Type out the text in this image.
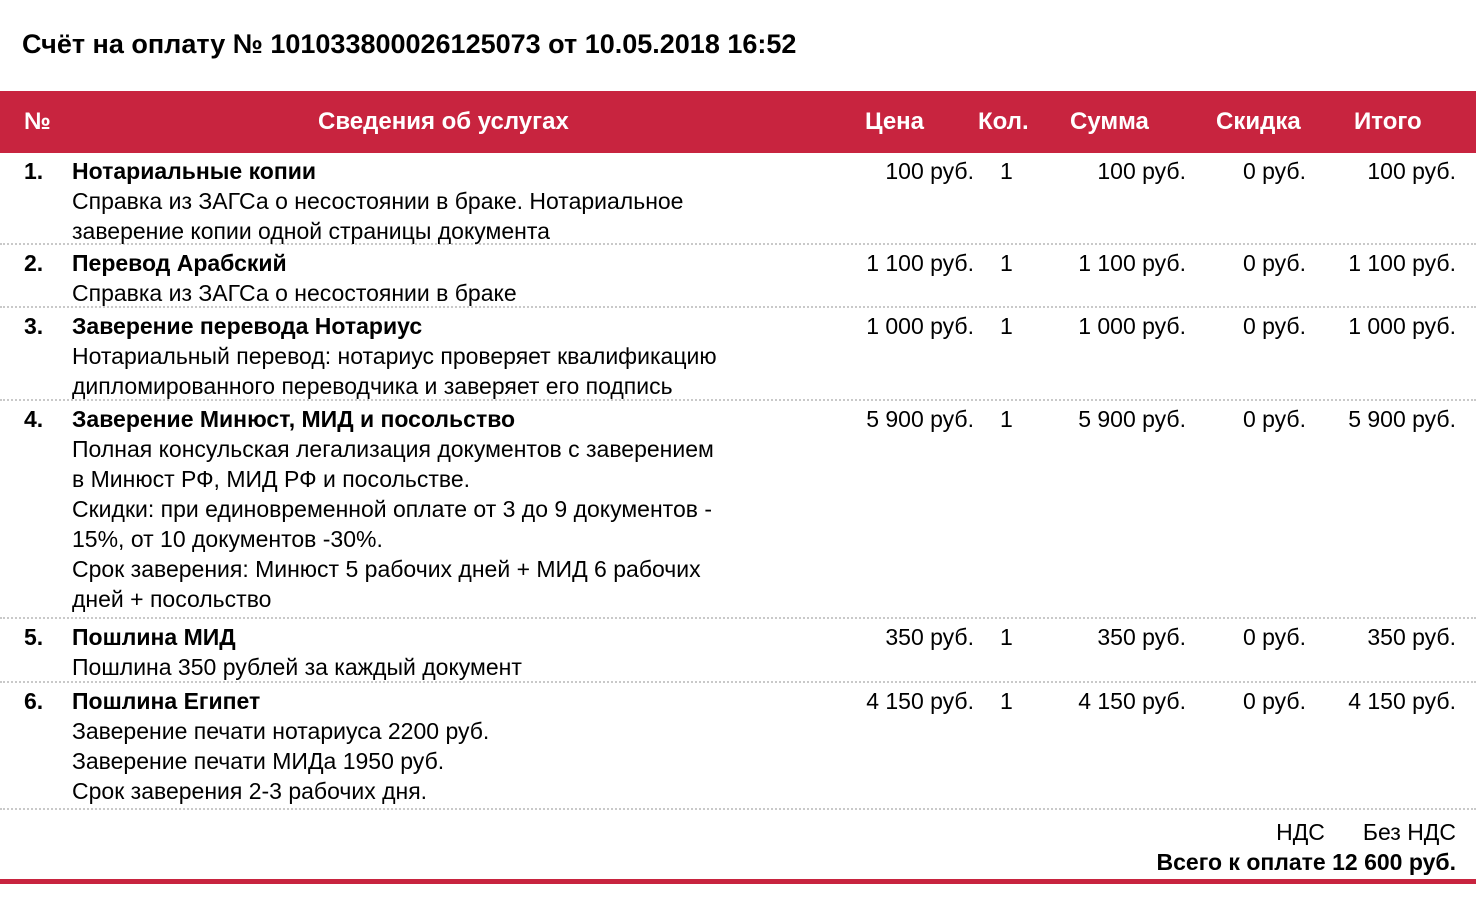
Счёт на оплату № 101033800026125073 от 10.05.2018 16:52
№	Сведения об услугах	Цена Кол. Сумма	Скидка Итого
1. Нотариальные копии
Справка из ЗАГСа о несостоянии в браке. Нотариальное
заверение копии одной страницы документа
100 руб. 1	100 руб. 0 руб.	100 руб.
2. Перевод Арабский
Справка из ЗАГСа о несостоянии в браке
1 100 руб. 1	1 100 руб. 0 руб. 1 100 руб.
3. Заверение перевода Нотариус
Нотариальный перевод: нотариус проверяет квалификацию
дипломированного переводчика и заверяет его подпись
1 000 руб. 1	1 000 руб. 0 руб. 1 000 руб.
4. Заверение Минюст, МИД и посольство
Полная консульская легализация документов с заверением
в Минюст РФ, МИД РФ и посольстве.
Скидки: при единовременной оплате от 3 до 9 документов -
15%, от 10 документов -30%.
Срок заверения: Минюст 5 рабочих дней + МИД 6 рабочих
дней + посольство
5 900 руб. 1	5 900 руб. 0 руб. 5 900 руб.
5. Пошлина МИД
Пошлина 350 рублей за каждый документ
350 руб. 1	350 руб. 0 руб.	350 руб.
6. Пошлина Египет
Заверение печати нотариуса 2200 руб.
Заверение печати МИДа 1950 руб.
Срок заверения 2-3 рабочих дня.
4 150 руб. 1	4 150 руб. 0 руб. 4 150 руб.
НДС Без НДС
Всего к оплате 12 600 руб.
